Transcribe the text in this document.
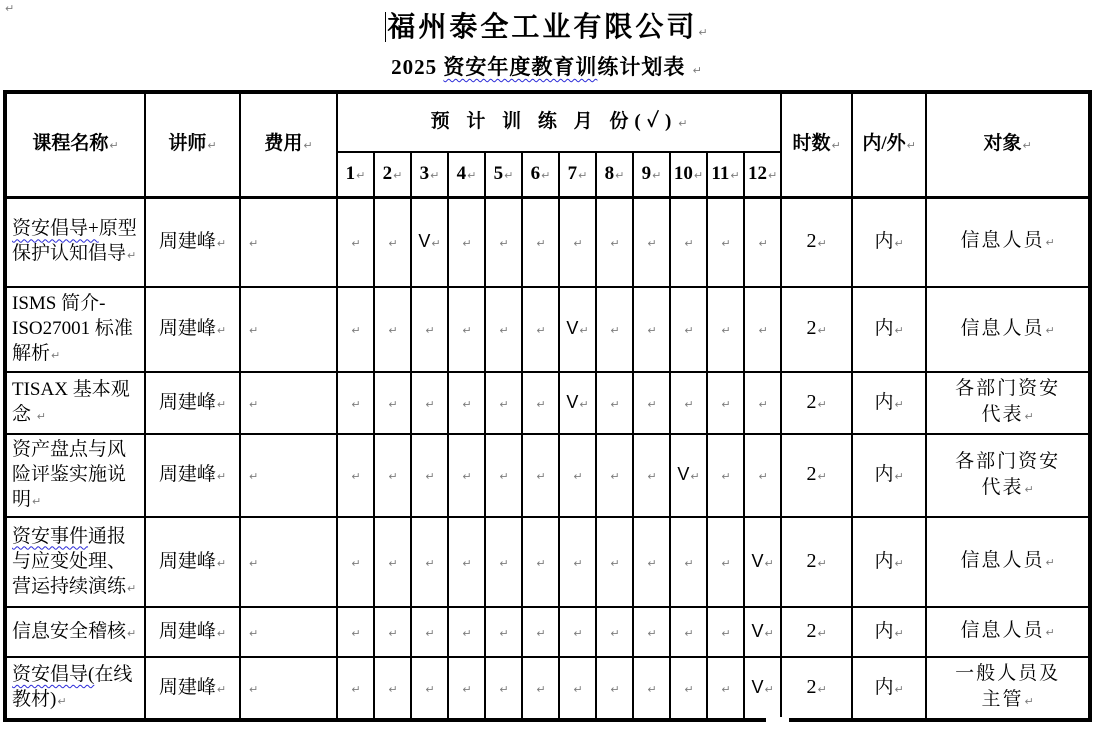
↵
福州泰全工业有限公司↵
2025 资安年度教育训练计划表 ↵
课程名称↵	讲师↵	费用↵	预 计 训 练 月 份(✓)↵												时数↵	内/外↵	对象↵
			1↵	2↵	3↵	4↵	5↵	6↵	7↵	8↵	9↵	10↵	11↵	12↵			
资安倡导+原型保护认知倡导↵	周建峰↵	↵	↵	↵	V↵	↵	↵	↵	↵	↵	↵	↵	↵	↵	2↵	内↵	信息人员↵
ISMS 简介-ISO27001 标准解析↵	周建峰↵	↵	↵	↵	↵	↵	↵	↵	V↵	↵	↵	↵	↵	↵	2↵	内↵	信息人员↵
TISAX 基本观念 ↵	周建峰↵	↵	↵	↵	↵	↵	↵	↵	V↵	↵	↵	↵	↵	↵	2↵	内↵	各部门资安代表↵
资产盘点与风险评鉴实施说明↵	周建峰↵	↵	↵	↵	↵	↵	↵	↵	↵	↵	↵	V↵	↵	↵	2↵	内↵	各部门资安代表↵
资安事件通报与应变处理、营运持续演练↵	周建峰↵	↵	↵	↵	↵	↵	↵	↵	↵	↵	↵	↵	↵	V↵	2↵	内↵	信息人员↵
信息安全稽核↵	周建峰↵	↵	↵	↵	↵	↵	↵	↵	↵	↵	↵	↵	↵	V↵	2↵	内↵	信息人员↵
资安倡导(在线教材)↵	周建峰↵	↵	↵	↵	↵	↵	↵	↵	↵	↵	↵	↵	↵	V↵	2↵	内↵	一般人员及主管↵
